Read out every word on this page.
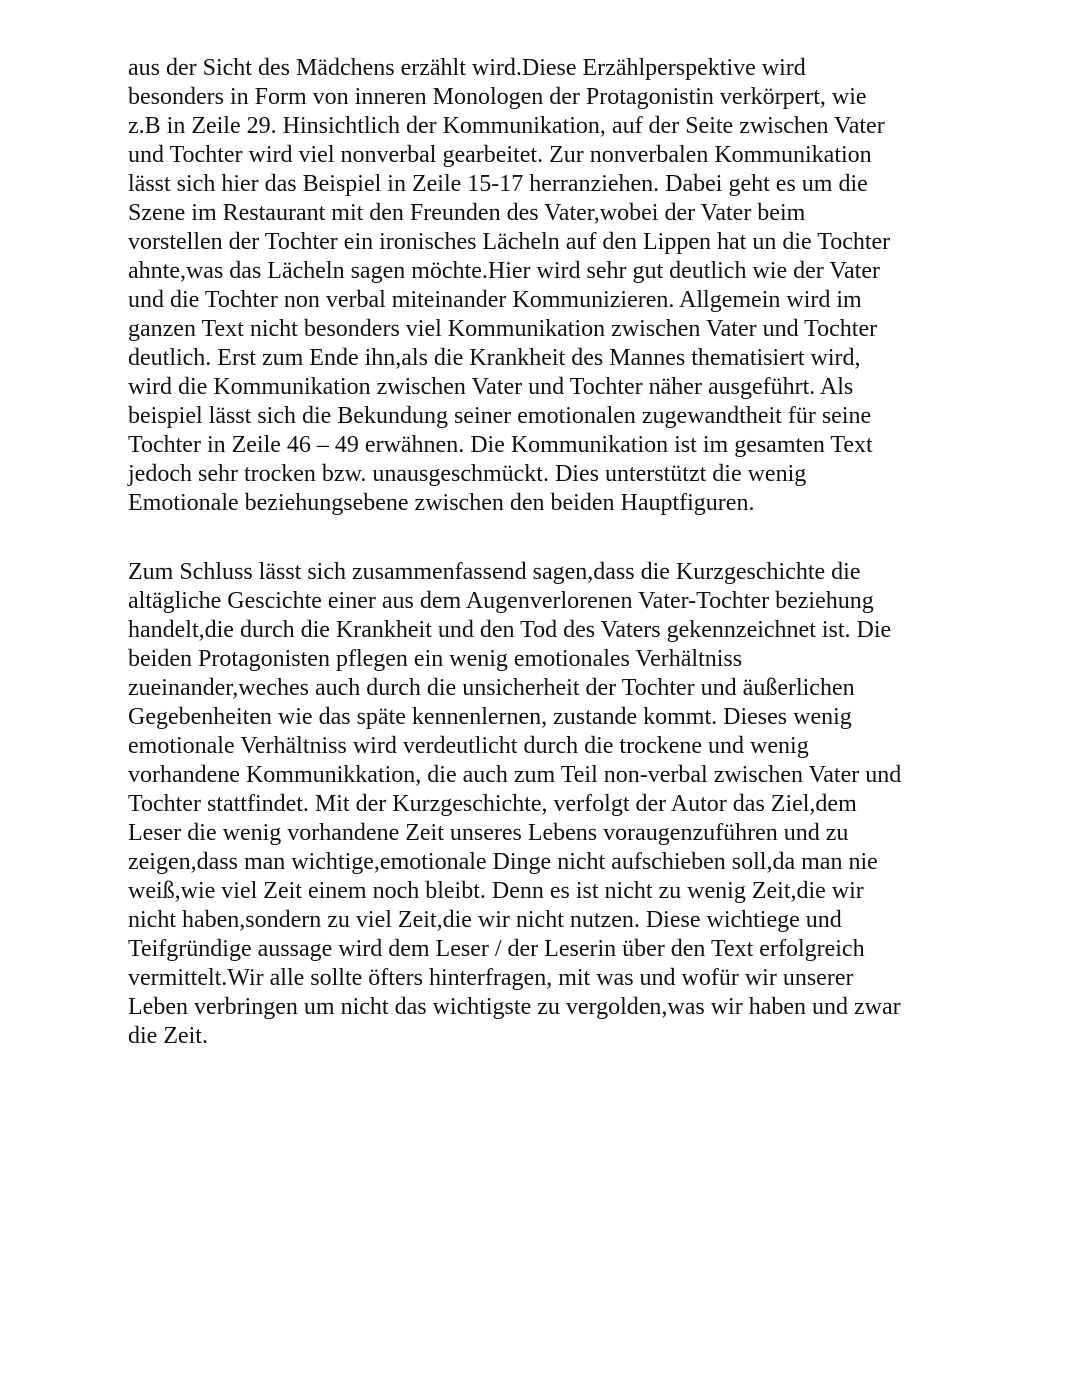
aus der Sicht des Mädchens erzählt wird.Diese Erzählperspektive wird
besonders in Form von inneren Monologen der Protagonistin verkörpert, wie
z.B in Zeile 29. Hinsichtlich der Kommunikation, auf der Seite zwischen Vater
und Tochter wird viel nonverbal gearbeitet. Zur nonverbalen Kommunikation
lässt sich hier das Beispiel in Zeile 15-17 herranziehen. Dabei geht es um die
Szene im Restaurant mit den Freunden des Vater,wobei der Vater beim
vorstellen der Tochter ein ironisches Lächeln auf den Lippen hat un die Tochter
ahnte,was das Lächeln sagen möchte.Hier wird sehr gut deutlich wie der Vater
und die Tochter non verbal miteinander Kommunizieren. Allgemein wird im
ganzen Text nicht besonders viel Kommunikation zwischen Vater und Tochter
deutlich. Erst zum Ende ihn,als die Krankheit des Mannes thematisiert wird,
wird die Kommunikation zwischen Vater und Tochter näher ausgeführt. Als
beispiel lässt sich die Bekundung seiner emotionalen zugewandtheit für seine
Tochter in Zeile 46 – 49 erwähnen. Die Kommunikation ist im gesamten Text
jedoch sehr trocken bzw. unausgeschmückt. Dies unterstützt die wenig
Emotionale beziehungsebene zwischen den beiden Hauptfiguren.
Zum Schluss lässt sich zusammenfassend sagen,dass die Kurzgeschichte die
altägliche Gescichte einer aus dem Augenverlorenen Vater-Tochter beziehung
handelt,die durch die Krankheit und den Tod des Vaters gekennzeichnet ist. Die
beiden Protagonisten pflegen ein wenig emotionales Verhältniss
zueinander,weches auch durch die unsicherheit der Tochter und äußerlichen
Gegebenheiten wie das späte kennenlernen, zustande kommt. Dieses wenig
emotionale Verhältniss wird verdeutlicht durch die trockene und wenig
vorhandene Kommunikkation, die auch zum Teil non-verbal zwischen Vater und
Tochter stattfindet. Mit der Kurzgeschichte, verfolgt der Autor das Ziel,dem
Leser die wenig vorhandene Zeit unseres Lebens voraugenzuführen und zu
zeigen,dass man wichtige,emotionale Dinge nicht aufschieben soll,da man nie
weiß,wie viel Zeit einem noch bleibt. Denn es ist nicht zu wenig Zeit,die wir
nicht haben,sondern zu viel Zeit,die wir nicht nutzen. Diese wichtiege und
Teifgründige aussage wird dem Leser / der Leserin über den Text erfolgreich
vermittelt.Wir alle sollte öfters hinterfragen, mit was und wofür wir unserer
Leben verbringen um nicht das wichtigste zu vergolden,was wir haben und zwar
die Zeit.
